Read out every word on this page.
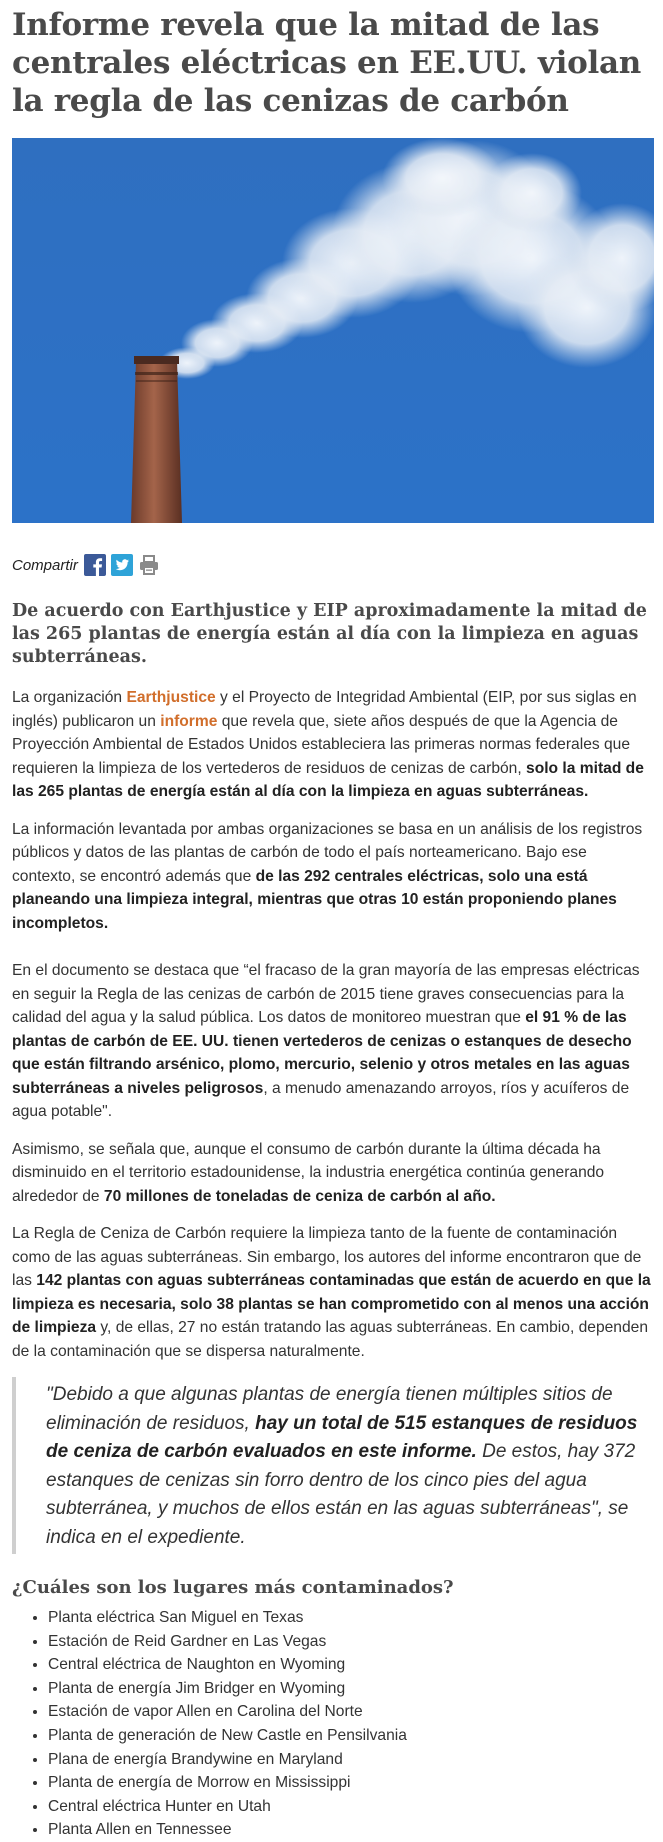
Informe revela que la mitad de las centrales eléctricas en EE.UU. violan la regla de las cenizas de carbón
Compartir
De acuerdo con Earthjustice y EIP aproximadamente la mitad de las 265 plantas de energía están al día con la limpieza en aguas subterráneas.

La organización Earthjustice y el Proyecto de Integridad Ambiental (EIP, por sus siglas en inglés) publicaron un informe que revela que, siete años después de que la Agencia de Proyección Ambiental de Estados Unidos estableciera las primeras normas federales que requieren la limpieza de los vertederos de residuos de cenizas de carbón, solo la mitad de las 265 plantas de energía están al día con la limpieza en aguas subterráneas.

La información levantada por ambas organizaciones se basa en un análisis de los registros públicos y datos de las plantas de carbón de todo el país norteamericano. Bajo ese contexto, se encontró además que de las 292 centrales eléctricas, solo una está planeando una limpieza integral, mientras que otras 10 están proponiendo planes incompletos.

En el documento se destaca que “el fracaso de la gran mayoría de las empresas eléctricas en seguir la Regla de las cenizas de carbón de 2015 tiene graves consecuencias para la calidad del agua y la salud pública. Los datos de monitoreo muestran que el 91 % de las plantas de carbón de EE. UU. tienen vertederos de cenizas o estanques de desecho que están filtrando arsénico, plomo, mercurio, selenio y otros metales en las aguas subterráneas a niveles peligrosos, a menudo amenazando arroyos, ríos y acuíferos de agua potable".

Asimismo, se señala que, aunque el consumo de carbón durante la última década ha disminuido en el territorio estadounidense, la industria energética continúa generando alrededor de 70 millones de toneladas de ceniza de carbón al año.

La Regla de Ceniza de Carbón requiere la limpieza tanto de la fuente de contaminación como de las aguas subterráneas. Sin embargo, los autores del informe encontraron que de las 142 plantas con aguas subterráneas contaminadas que están de acuerdo en que la limpieza es necesaria, solo 38 plantas se han comprometido con al menos una acción de limpieza y, de ellas, 27 no están tratando las aguas subterráneas. En cambio, dependen de la contaminación que se dispersa naturalmente.

"Debido a que algunas plantas de energía tienen múltiples sitios de eliminación de residuos, hay un total de 515 estanques de residuos de ceniza de carbón evaluados en este informe. De estos, hay 372 estanques de cenizas sin forro dentro de los cinco pies del agua subterránea, y muchos de ellos están en las aguas subterráneas", se indica en el expediente.
¿Cuáles son los lugares más contaminados?
• Planta eléctrica San Miguel en Texas
• Estación de Reid Gardner en Las Vegas
• Central eléctrica de Naughton en Wyoming
• Planta de energía Jim Bridger en Wyoming
• Estación de vapor Allen en Carolina del Norte
• Planta de generación de New Castle en Pensilvania
• Plana de energía Brandywine en Maryland
• Planta de energía de Morrow en Mississippi
• Central eléctrica Hunter en Utah
• Planta Allen en Tennessee
